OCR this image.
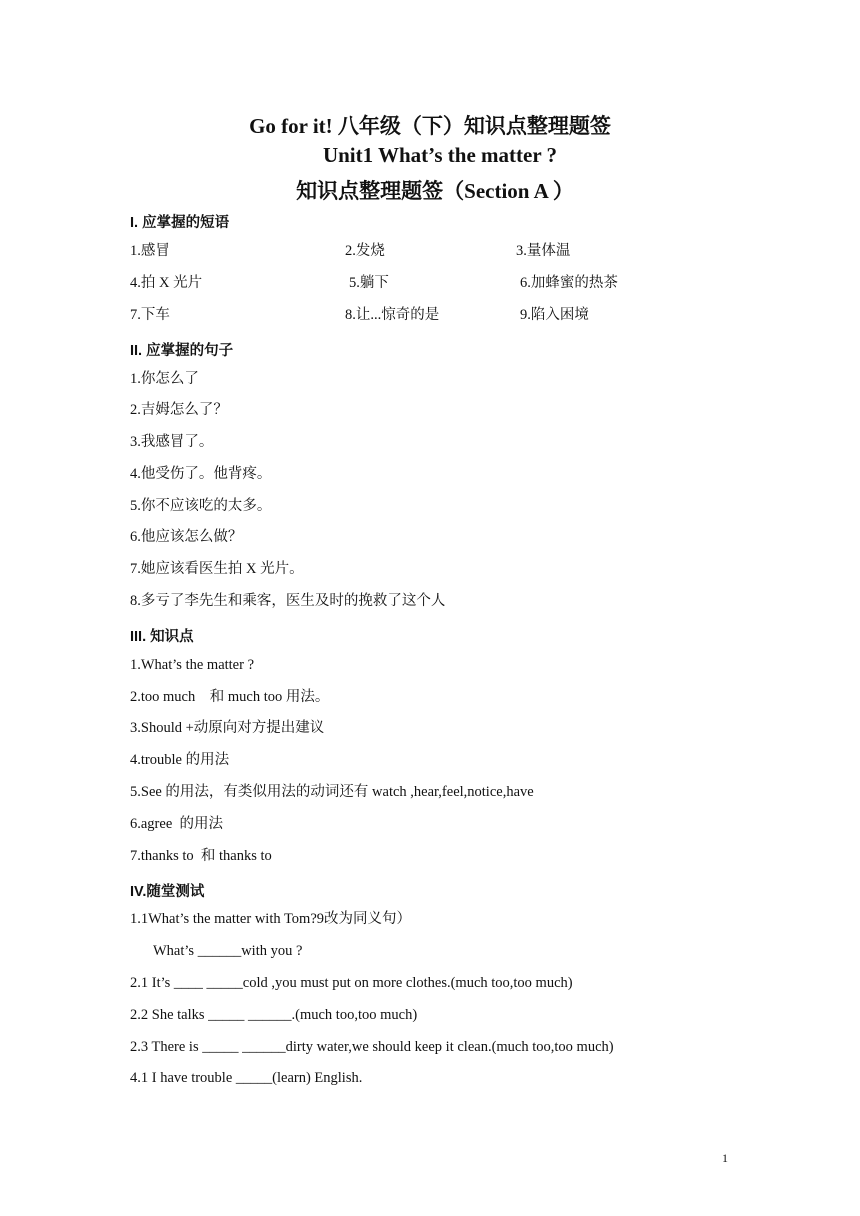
Go for it! 八年级（下）知识点整理题签
Unit1 What’s the matter ?
知识点整理题签（Section A ）
I. 应掌握的短语
1.感冒	2.发烧	3.量体温
4.拍 X 光片	5.躺下	6.加蜂蜜的热茶
7.下车	8.让...惊奇的是	9.陷入困境
II. 应掌握的句子
1.你怎么了
2.吉姆怎么了？
3.我感冒了。
4.他受伤了。他背疼。
5.你不应该吃的太多。
6.他应该怎么做？
7.她应该看医生拍 X 光片。
8.多亏了李先生和乘客，医生及时的挽救了这个人
III. 知识点
1.What’s the matter ?
2.too much    和 much too 用法。
3.Should +动原向对方提出建议
4.trouble 的用法
5.See 的用法，有类似用法的动词还有 watch ,hear,feel,notice,have
6.agree  的用法
7.thanks to  和 thanks to
IV.随堂测试
1.1What’s the matter with Tom?9改为同义句）
What’s ______with you ?
2.1 It’s ____ _____cold ,you must put on more clothes.(much too,too much)
2.2 She talks _____ ______.(much too,too much)
2.3 There is _____ ______dirty water,we should keep it clean.(much too,too much)
4.1 I have trouble _____(learn) English.
1
